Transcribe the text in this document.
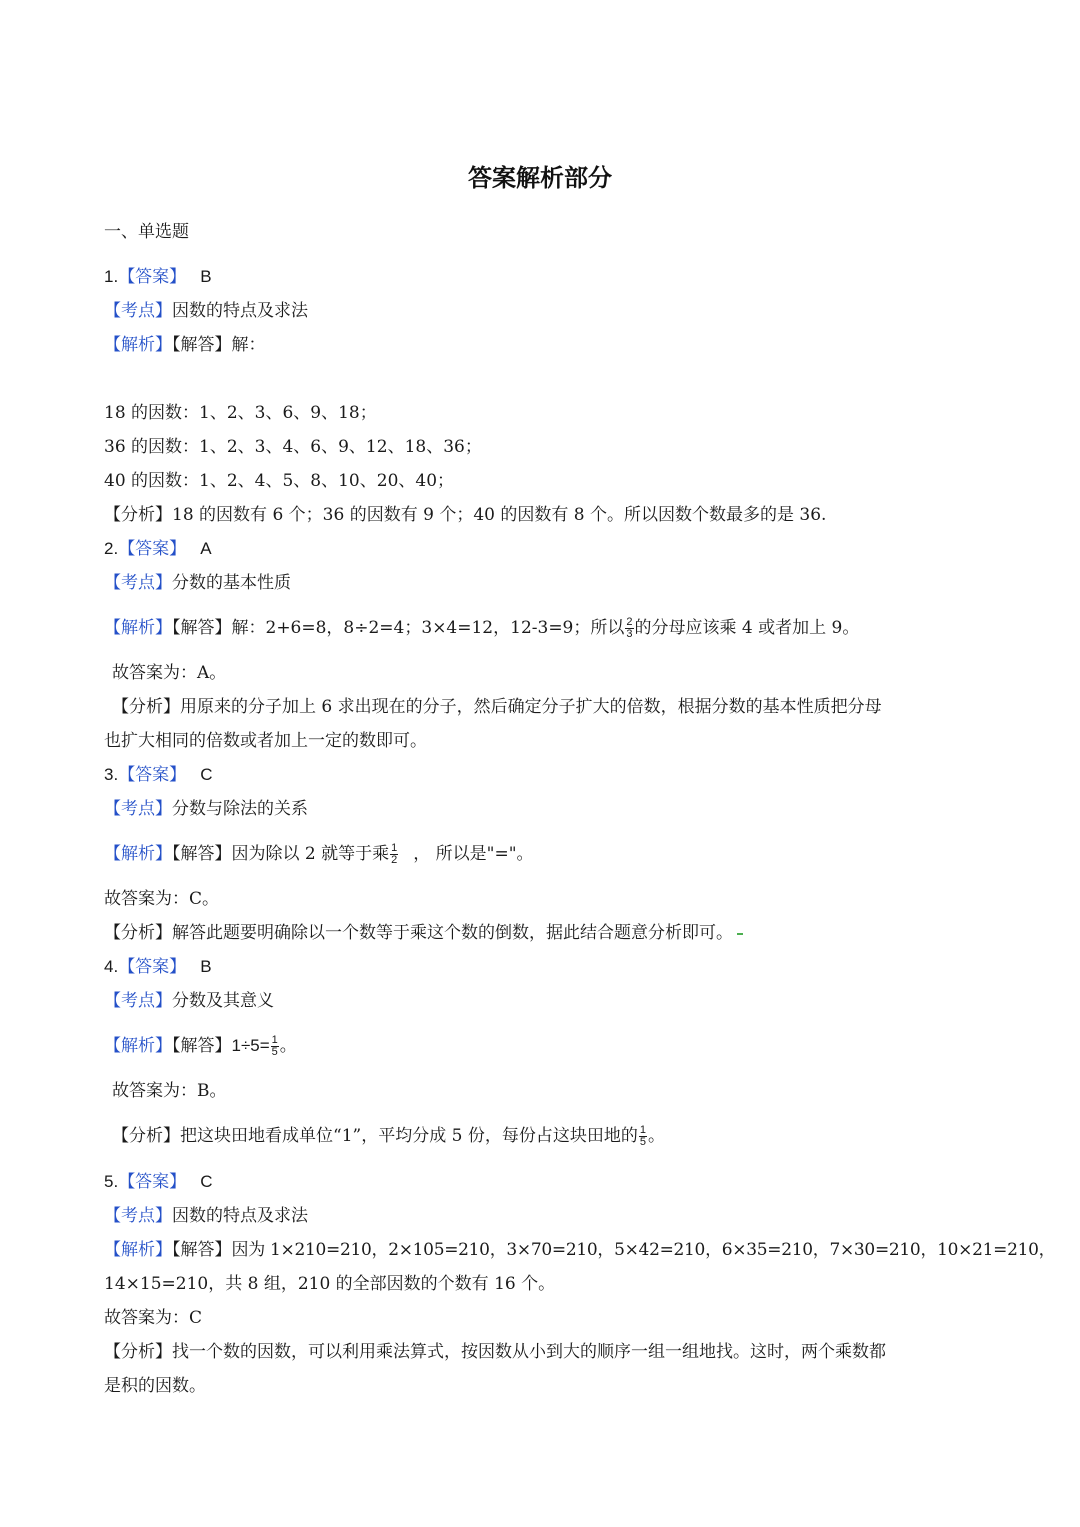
答案解析部分
一、单选题
1.【答案】 B
【考点】因数的特点及求法
【解析】【解答】解：
18 的因数：1、2、3、6、9、18；
36 的因数：1、2、3、4、6、9、12、18、36；
40 的因数：1、2、4、5、8、10、20、40；
【分析】18 的因数有 6 个；36 的因数有 9 个；40 的因数有 8 个。所以因数个数最多的是 36.
2.【答案】 A
【考点】分数的基本性质
【解析】【解答】解：2+6=8，8÷2=4；3×4=12，12-3=9；所以 $\frac{2}{3}$ 的分母应该乘 4 或者加上 9。
故答案为：A。
【分析】用原来的分子加上 6 求出现在的分子，然后确定分子扩大的倍数，根据分数的基本性质把分母
也扩大相同的倍数或者加上一定的数即可。
3.【答案】 C
【考点】分数与除法的关系
【解析】【解答】因为除以 2 就等于乘 $\frac{1}{2}$ ， 所以是"="。
故答案为：C。
【分析】解答此题要明确除以一个数等于乘这个数的倒数，据此结合题意分析即可。
4.【答案】 B
【考点】分数及其意义
【解析】【解答】$1\div 5= \frac{1}{5}$ 。
故答案为：B。
【分析】把这块田地看成单位“1”，平均分成 5 份，每份占这块田地的 $\frac{1}{5}$ 。
5.【答案】 C
【考点】因数的特点及求法
【解析】【解答】因为 1×210=210，2×105=210，3×70=210，5×42=210，6×35=210，7×30=210，10×21=210，
14×15=210，共 8 组，210 的全部因数的个数有 16 个。
故答案为：C
【分析】找一个数的因数，可以利用乘法算式，按因数从小到大的顺序一组一组地找。这时，两个乘数都
是积的因数。
